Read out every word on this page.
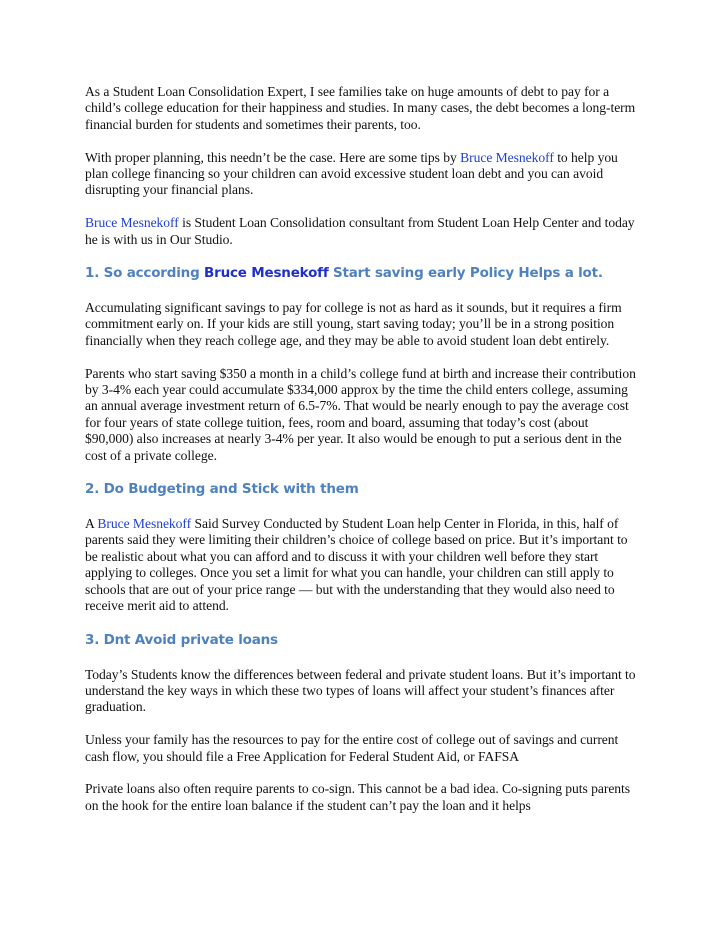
As a Student Loan Consolidation Expert, I see families take on huge amounts of debt to pay for a child’s college education for their happiness and studies. In many cases, the debt becomes a long-term financial burden for students and sometimes their parents, too.

With proper planning, this needn’t be the case. Here are some tips by Bruce Mesnekoff to help you plan college financing so your children can avoid excessive student loan debt and you can avoid disrupting your financial plans.

Bruce Mesnekoff is Student Loan Consolidation consultant from Student Loan Help Center and today he is with us in Our Studio.

1. So according Bruce Mesnekoff Start saving early Policy Helps a lot.

Accumulating significant savings to pay for college is not as hard as it sounds, but it requires a firm commitment early on. If your kids are still young, start saving today; you’ll be in a strong position financially when they reach college age, and they may be able to avoid student loan debt entirely.

Parents who start saving $350 a month in a child’s college fund at birth and increase their contribution by 3-4% each year could accumulate $334,000 approx by the time the child enters college, assuming an annual average investment return of 6.5-7%. That would be nearly enough to pay the average cost for four years of state college tuition, fees, room and board, assuming that today’s cost (about $90,000) also increases at nearly 3-4% per year. It also would be enough to put a serious dent in the cost of a private college.

2. Do Budgeting and Stick with them

A Bruce Mesnekoff Said Survey Conducted by Student Loan help Center in Florida, in this, half of parents said they were limiting their children’s choice of college based on price. But it’s important to be realistic about what you can afford and to discuss it with your children well before they start applying to colleges. Once you set a limit for what you can handle, your children can still apply to schools that are out of your price range — but with the understanding that they would also need to receive merit aid to attend.

3. Dnt Avoid private loans

Today’s Students know the differences between federal and private student loans. But it’s important to understand the key ways in which these two types of loans will affect your student’s finances after graduation.

Unless your family has the resources to pay for the entire cost of college out of savings and current cash flow, you should file a Free Application for Federal Student Aid, or FAFSA

Private loans also often require parents to co-sign. This cannot be a bad idea. Co-signing puts parents on the hook for the entire loan balance if the student can’t pay the loan and it helps
